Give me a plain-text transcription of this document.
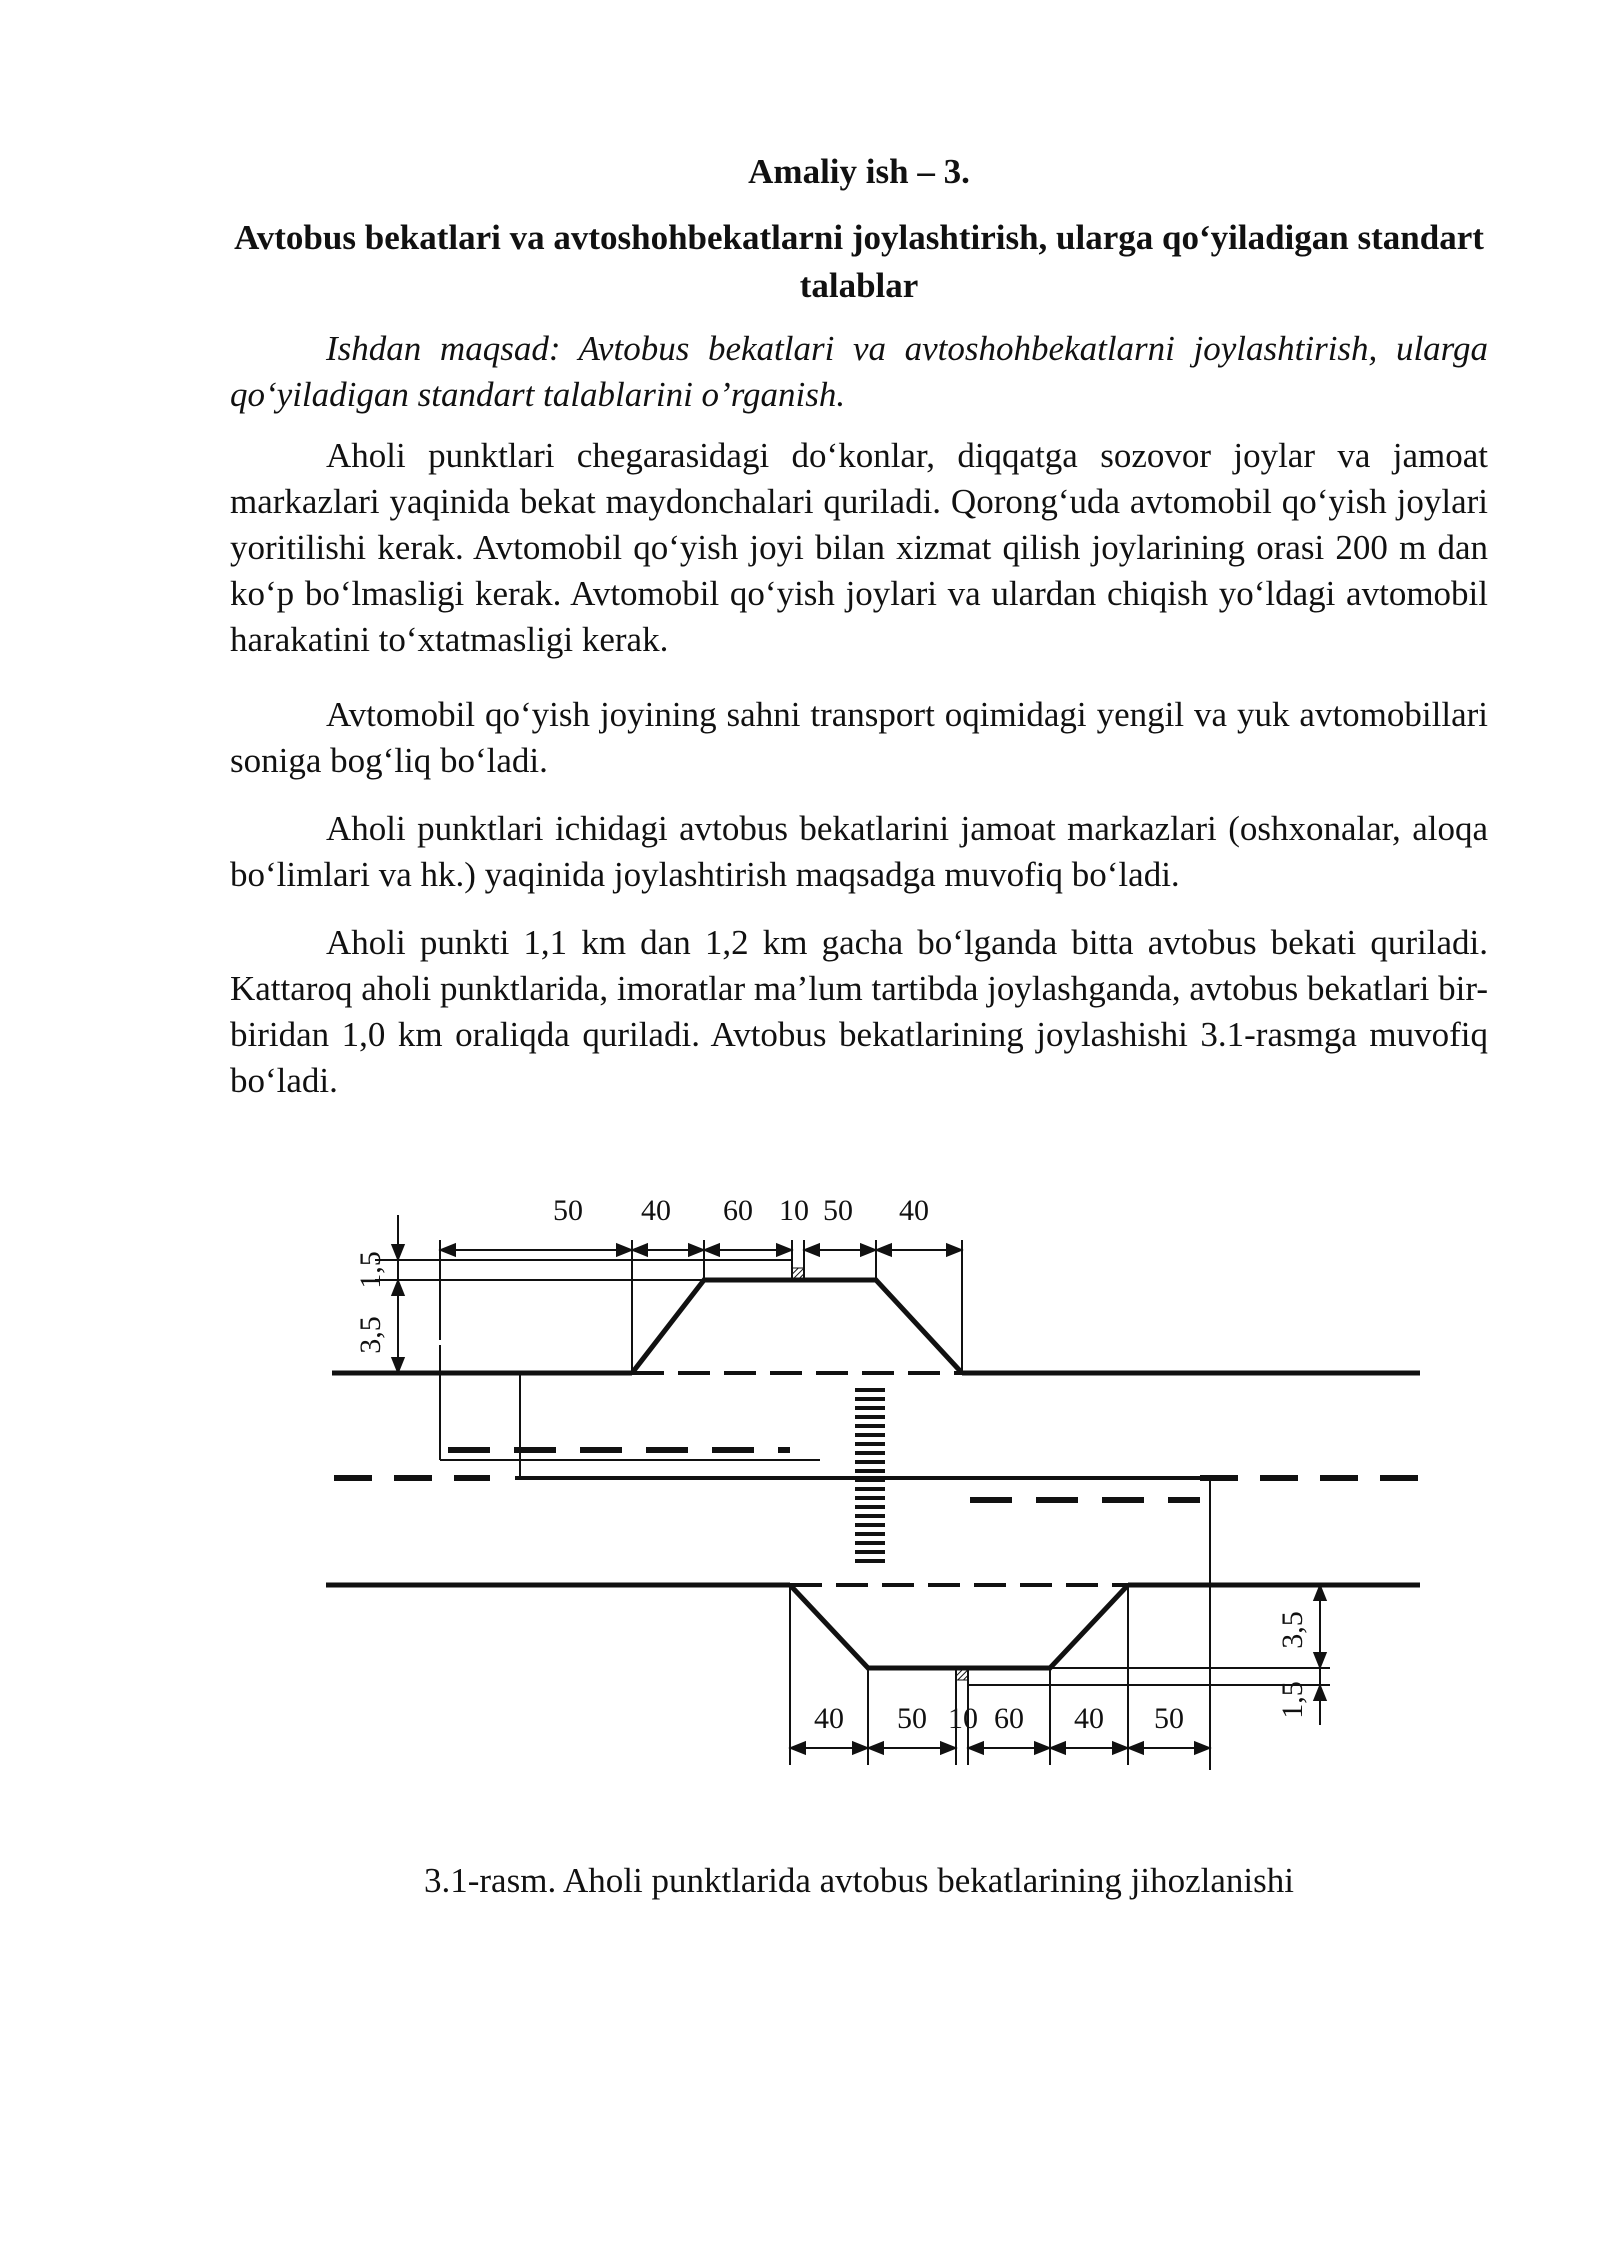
Amaliy ish – 3.
Avtobus bekatlari va avtoshohbekatlarni joylashtirish, ularga qo‘yiladigan standart talablar

Ishdan maqsad: Avtobus bekatlari va avtoshohbekatlarni joylashtirish, ularga qo‘yiladigan standart talablarini o’rganish.

Aholi punktlari chegarasidagi do‘konlar, diqqatga sozovor joylar va jamoat markazlari yaqinida bekat maydonchalari quriladi. Qorong‘uda avtomobil qo‘yish joylari yoritilishi kerak. Avtomobil qo‘yish joyi bilan xizmat qilish joylarining orasi 200 m dan ko‘p bo‘lmasligi kerak. Avtomobil qo‘yish joylari va ulardan chiqish yo‘ldagi avtomobil harakatini to‘xtatmasligi kerak.

Avtomobil qo‘yish joyining sahni transport oqimidagi yengil va yuk avtomobillari soniga bog‘liq bo‘ladi.

Aholi punktlari ichidagi avtobus bekatlarini jamoat markazlari (oshxonalar, aloqa bo‘limlari va hk.) yaqinida joylashtirish maqsadga muvofiq bo‘ladi.

Aholi punkti 1,1 km dan 1,2 km gacha bo‘lganda bitta avtobus bekati quriladi. Kattaroq aholi punktlarida, imoratlar ma’lum tartibda joylashganda, avtobus bekatlari bir-biridan 1,0 km oraliqda quriladi. Avtobus bekatlarining joylashishi 3.1-rasmga muvofiq bo‘ladi.

50 40 60 10 50 40
1,5
3,5
40 50 10 60 40 50
3,5
1,5

3.1-rasm. Aholi punktlarida avtobus bekatlarining jihozlanishi
